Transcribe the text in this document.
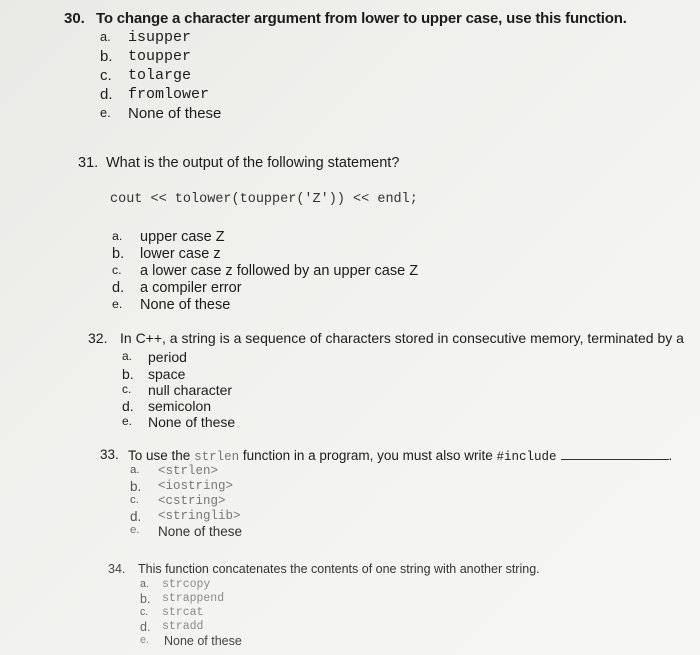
30. To change a character argument from lower to upper case, use this function.
a. isupper
b. toupper
c. tolarge
d. fromlower
e. None of these
31. What is the output of the following statement?
cout << tolower(toupper('Z')) << endl;
a. upper case Z
b. lower case z
c. a lower case z followed by an upper case Z
d. a compiler error
e. None of these
32. In C++, a string is a sequence of characters stored in consecutive memory, terminated by a
a. period
b. space
c. null character
d. semicolon
e. None of these
33. To use the strlen function in a program, you must also write #include	.
a. <strlen>
b. <iostring>
c. <cstring>
d. <stringlib>
e. None of these
34. This function concatenates the contents of one string with another string.
a. strcopy
b. strappend
c. strcat
d. stradd
e. None of these
